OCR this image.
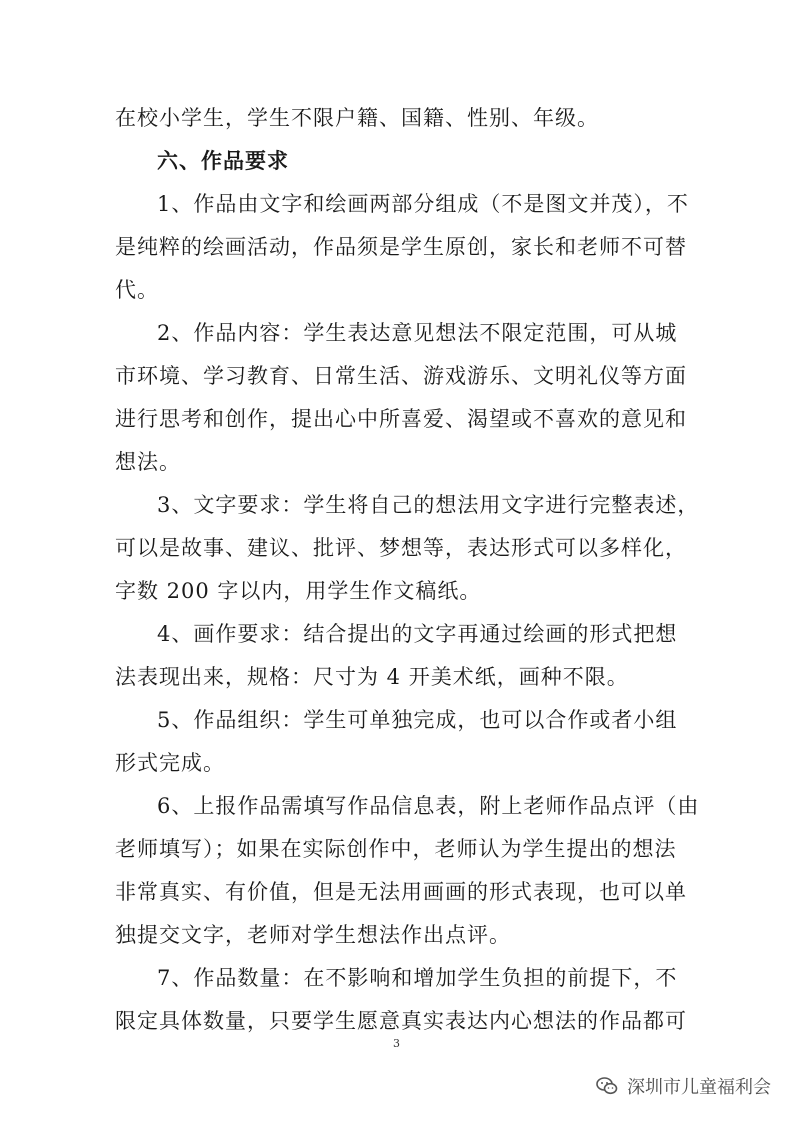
在校小学生，学生不限户籍、国籍、性别、年级。
六、作品要求
1、作品由文字和绘画两部分组成（不是图文并茂），不
是纯粹的绘画活动，作品须是学生原创，家长和老师不可替
代。
2、作品内容：学生表达意见想法不限定范围，可从城
市环境、学习教育、日常生活、游戏游乐、文明礼仪等方面
进行思考和创作，提出心中所喜爱、渴望或不喜欢的意见和
想法。
3、文字要求：学生将自己的想法用文字进行完整表述，
可以是故事、建议、批评、梦想等，表达形式可以多样化，
字数 200 字以内，用学生作文稿纸。
4、画作要求：结合提出的文字再通过绘画的形式把想
法表现出来，规格：尺寸为 4 开美术纸，画种不限。
5、作品组织：学生可单独完成，也可以合作或者小组
形式完成。
6、上报作品需填写作品信息表，附上老师作品点评（由
老师填写）；如果在实际创作中，老师认为学生提出的想法
非常真实、有价值，但是无法用画画的形式表现，也可以单
独提交文字，老师对学生想法作出点评。
7、作品数量：在不影响和增加学生负担的前提下，不
限定具体数量，只要学生愿意真实表达内心想法的作品都可
3
深圳市儿童福利会
